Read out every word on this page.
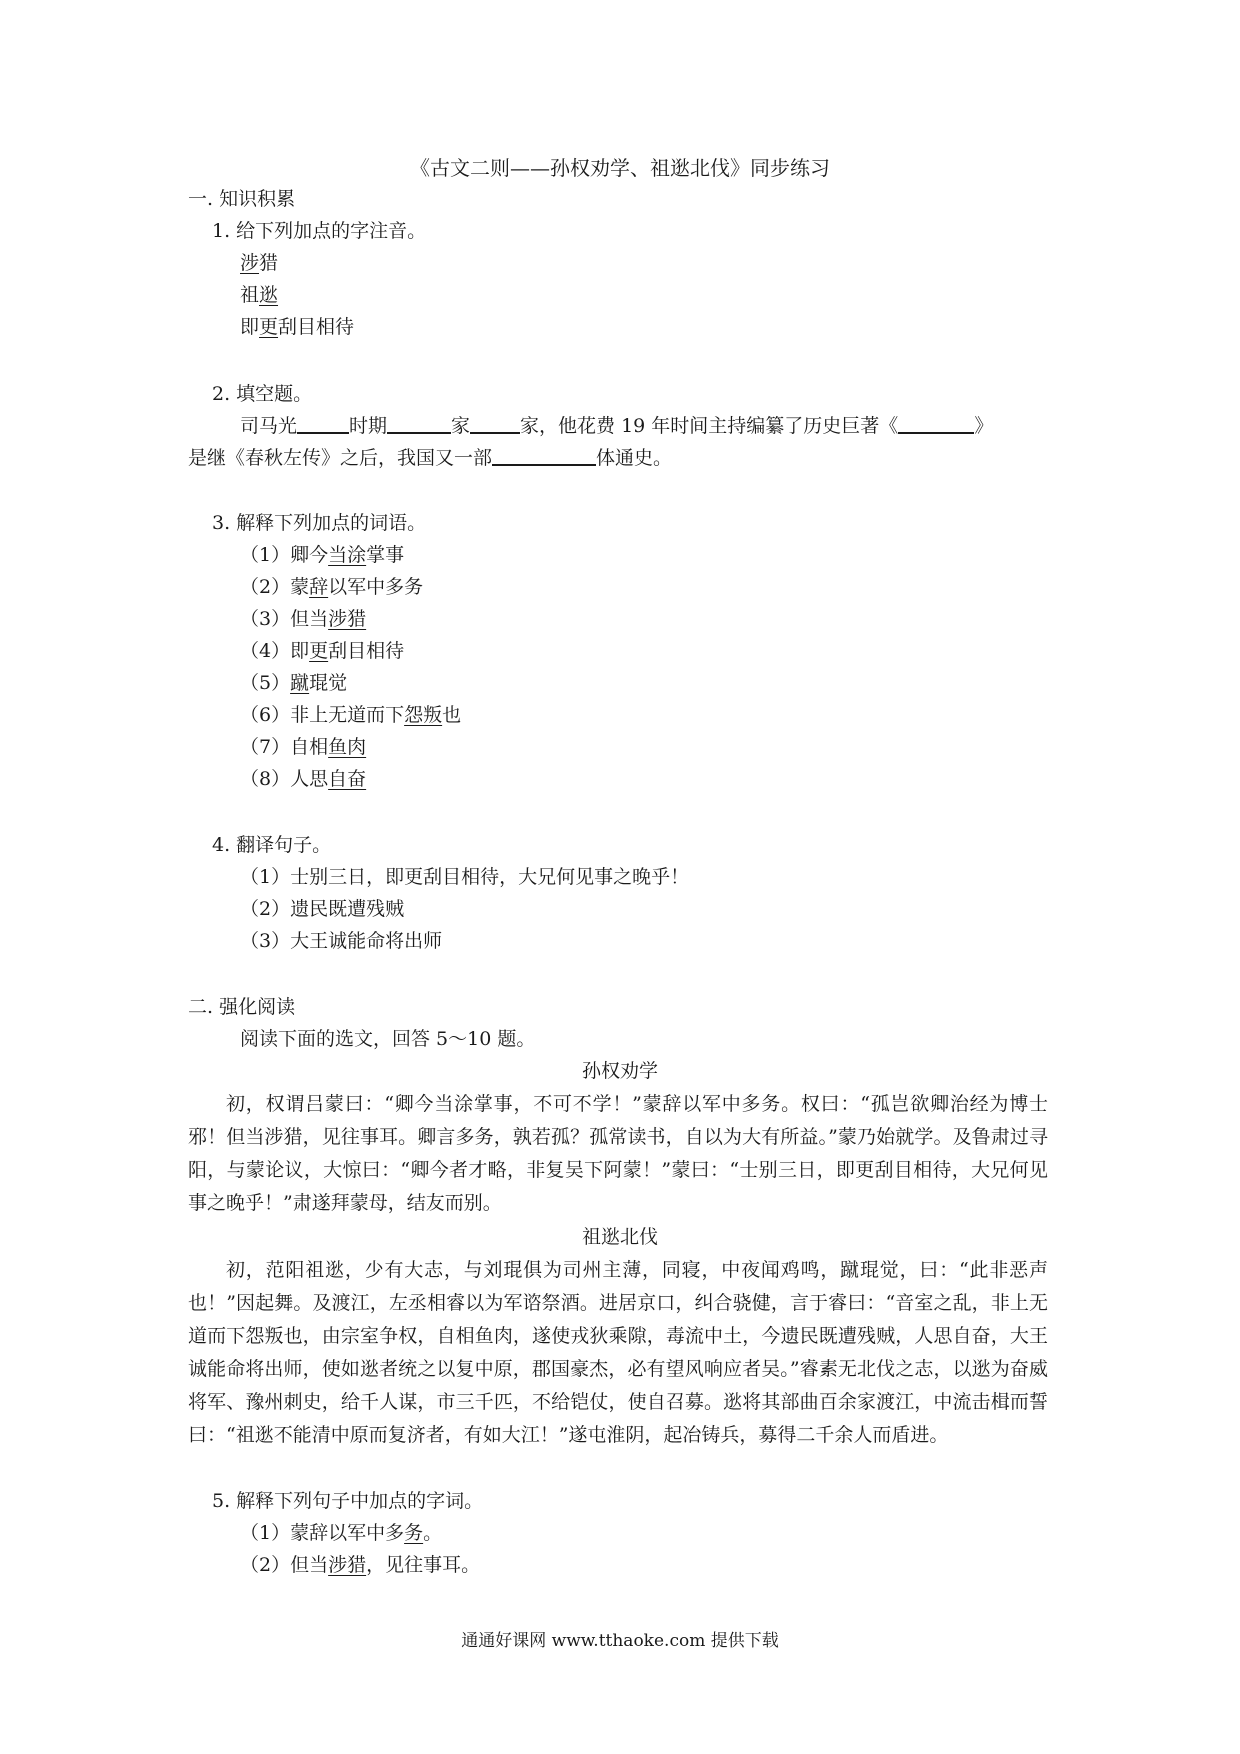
《古文二则——孙权劝学、祖逖北伐》同步练习
一. 知识积累
1. 给下列加点的字注音。
涉猎
祖逖
即更刮目相待
2. 填空题。
司马光	时期	家	家，他花费 19 年时间主持编纂了历史巨著《	》
是继《春秋左传》之后，我国又一部	体通史。
3. 解释下列加点的词语。
（1）卿今当涂掌事
（2）蒙辞以军中多务
（3）但当涉猎
（4）即更刮目相待
（5）蹴琨觉
（6）非上无道而下怨叛也
（7）自相鱼肉
（8）人思自奋
4. 翻译句子。
（1）士别三日，即更刮目相待，大兄何见事之晚乎！
（2）遗民既遭残贼
（3）大王诚能命将出师
二. 强化阅读
阅读下面的选文，回答 5～10 题。
孙权劝学
初，权谓吕蒙曰：“卿今当涂掌事，不可不学！”蒙辞以军中多务。权曰：“孤岂欲卿治经为博士邪！但当涉猎，见往事耳。卿言多务，孰若孤？孤常读书，自以为大有所益。”蒙乃始就学。及鲁肃过寻阳，与蒙论议，大惊曰：“卿今者才略，非复吴下阿蒙！”蒙曰：“士别三日，即更刮目相待，大兄何见事之晚乎！”肃遂拜蒙母，结友而别。
祖逖北伐
初，范阳祖逖，少有大志，与刘琨俱为司州主薄，同寝，中夜闻鸡鸣，蹴琨觉，曰：“此非恶声也！”因起舞。及渡江，左丞相睿以为军谘祭酒。进居京口，纠合骁健，言于睿曰：“音室之乱，非上无道而下怨叛也，由宗室争权，自相鱼肉，遂使戎狄乘隙，毒流中土，今遗民既遭残贼，人思自奋，大王诚能命将出师，使如逖者统之以复中原，郡国豪杰，必有望风响应者吴。”睿素无北伐之志，以逖为奋威将军、豫州刺史，给千人谋，市三千匹，不给铠仗，使自召募。逖将其部曲百余家渡江，中流击楫而誓曰：“祖逖不能清中原而复济者，有如大江！”遂屯淮阴，起冶铸兵，募得二千余人而盾进。
5. 解释下列句子中加点的字词。
（1）蒙辞以军中多务。
（2）但当涉猎，见往事耳。
通通好课网 www.tthaoke.com 提供下载
